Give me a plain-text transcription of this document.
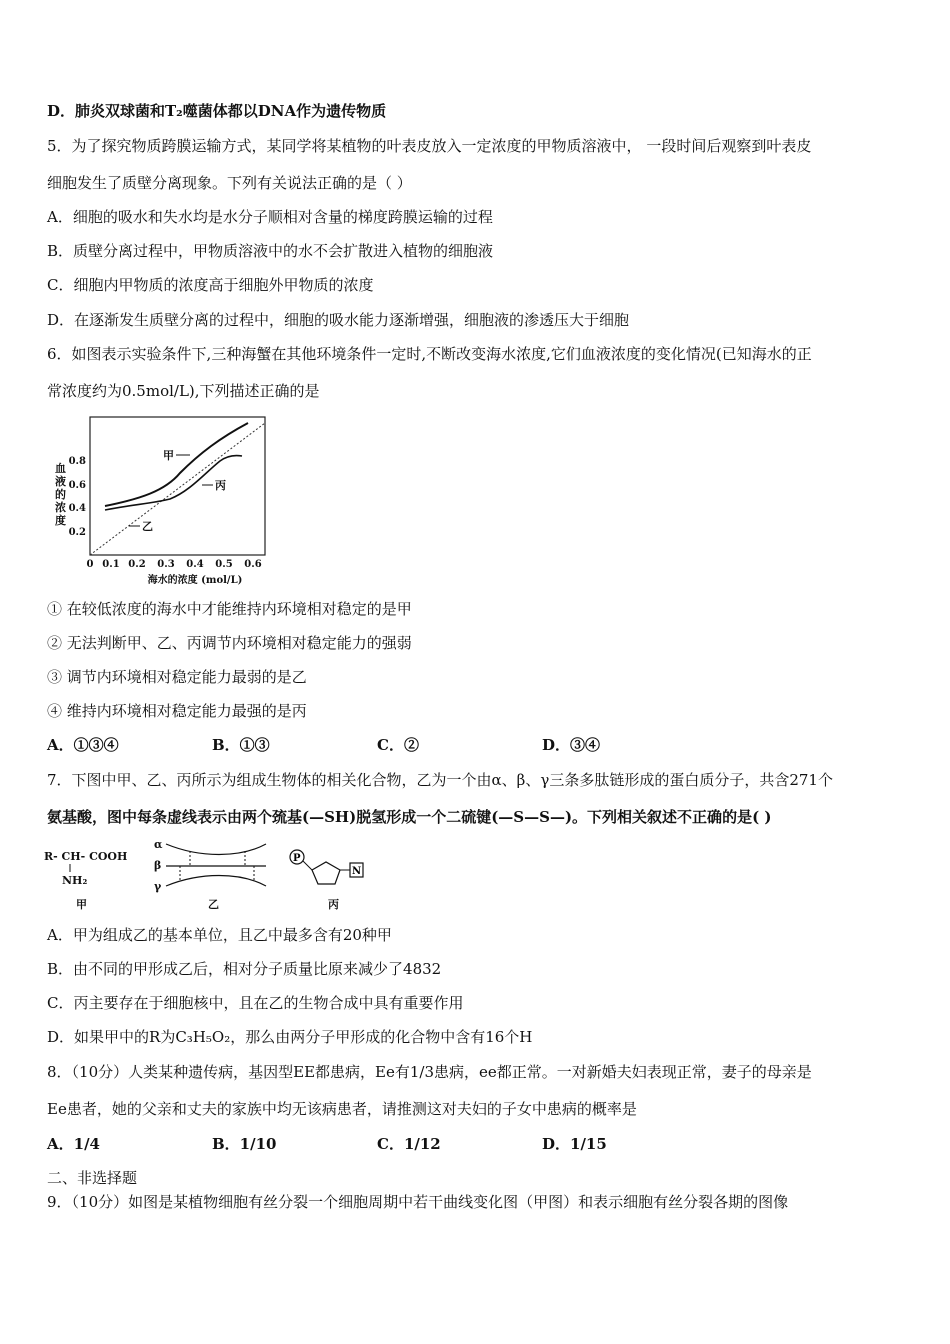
D．肺炎双球菌和T₂噬菌体都以DNA作为遗传物质
5．为了探究物质跨膜运输方式，某同学将某植物的叶表皮放入一定浓度的甲物质溶液中， 一段时间后观察到叶表皮
细胞发生了质壁分离现象。下列有关说法正确的是（ ）
A．细胞的吸水和失水均是水分子顺相对含量的梯度跨膜运输的过程
B．质壁分离过程中，甲物质溶液中的水不会扩散进入植物的细胞液
C．细胞内甲物质的浓度高于细胞外甲物质的浓度
D．在逐渐发生质壁分离的过程中，细胞的吸水能力逐渐增强，细胞液的渗透压大于细胞
6．如图表示实验条件下,三种海蟹在其他环境条件一定时,不断改变海水浓度,它们血液浓度的变化情况(已知海水的正
常浓度约为0.5mol/L),下列描述正确的是
0.8
0.6
0.4
0.2
0 0.1 0.2 0.3 0.4 0.5 0.6
海水的浓度 (mol/L)
甲
丙
乙
血液的浓度
① 在较低浓度的海水中才能维持内环境相对稳定的是甲
② 无法判断甲、乙、丙调节内环境相对稳定能力的强弱
③ 调节内环境相对稳定能力最弱的是乙
④ 维持内环境相对稳定能力最强的是丙
A．①③④	B．①③	C．②	D．③④
7．下图中甲、乙、丙所示为组成生物体的相关化合物，乙为一个由α、β、γ三条多肽链形成的蛋白质分子，共含271个
氨基酸，图中每条虚线表示由两个巯基(—SH)脱氢形成一个二硫键(—S—S—)。下列相关叙述不正确的是( )
R- CH- COOH
NH₂
甲
α
β
γ
乙	丙
P
N
A．甲为组成乙的基本单位，且乙中最多含有20种甲
B．由不同的甲形成乙后，相对分子质量比原来减少了4832
C．丙主要存在于细胞核中，且在乙的生物合成中具有重要作用
D．如果甲中的R为C₃H₅O₂，那么由两分子甲形成的化合物中含有16个H
8．（10分）人类某种遗传病，基因型EE都患病，Ee有1/3患病，ee都正常。一对新婚夫妇表现正常，妻子的母亲是
Ee患者，她的父亲和丈夫的家族中均无该病患者，请推测这对夫妇的子女中患病的概率是
A．1/4	B．1/10	C．1/12	D．1/15
二、非选择题
9．（10分）如图是某植物细胞有丝分裂一个细胞周期中若干曲线变化图（甲图）和表示细胞有丝分裂各期的图像
